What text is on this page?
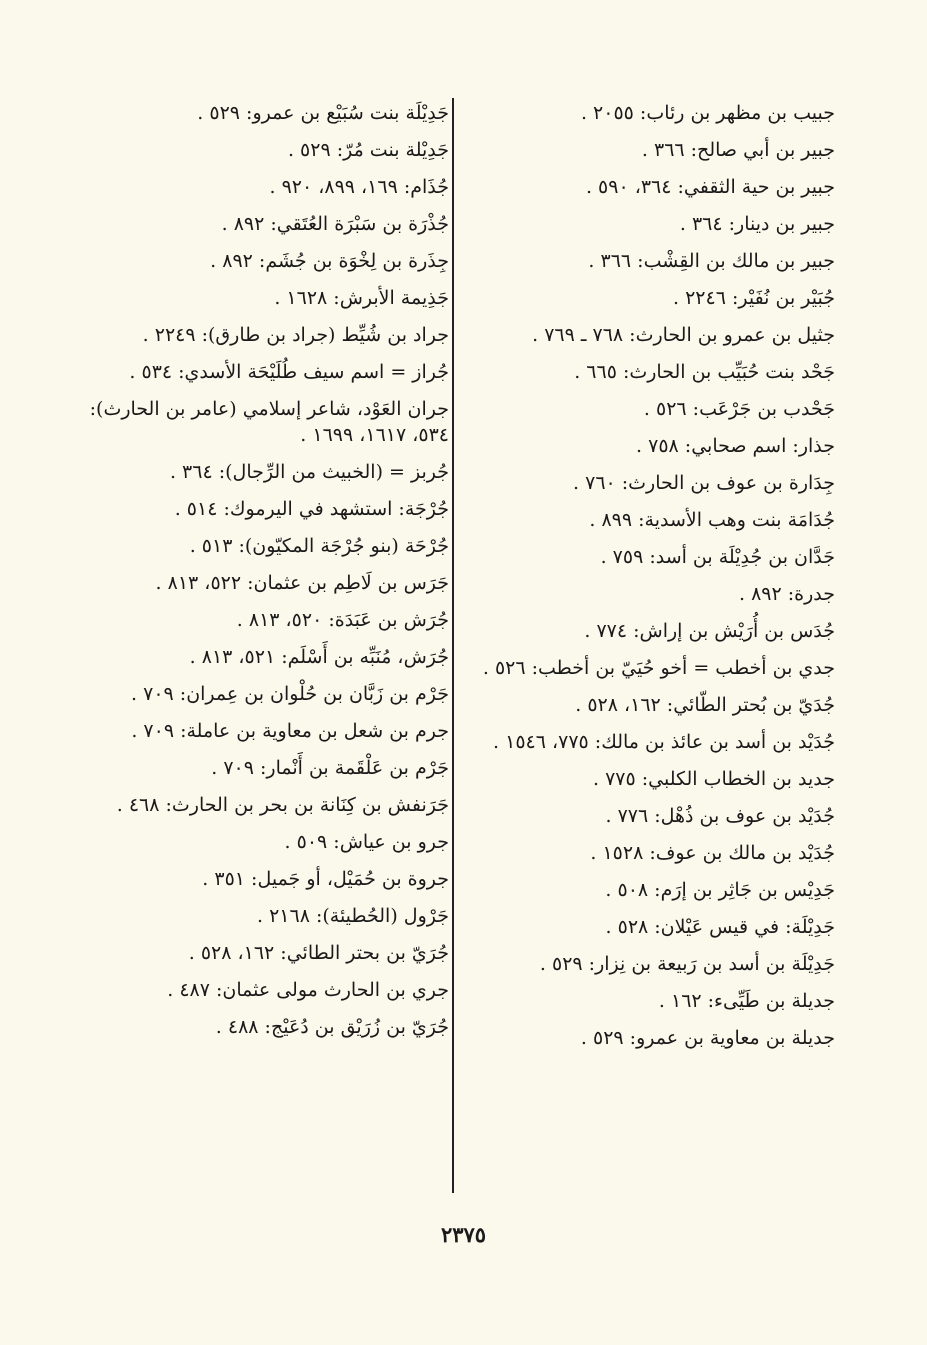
جبيب بن مظهر بن رئاب: ٢٠٥٥ .
جبير بن أبي صالح: ٣٦٦ .
جبير بن حية الثقفي: ٣٦٤، ٥٩٠ .
جبير بن دينار: ٣٦٤ .
جبير بن مالك بن القِشْب: ٣٦٦ .
جُبَيْر بن نُفَيْر: ٢٢٤٦ .
جثيل بن عمرو بن الحارث: ٧٦٨ ـ ٧٦٩ .
جَحْد بنت حُبَيِّب بن الحارث: ٦٦٥ .
جَحْدب بن جَرْعَب: ٥٢٦ .
جذار: اسم صحابي: ٧٥٨ .
جِدَارة بن عوف بن الحارث: ٧٦٠ .
جُدَامَة بنت وهب الأسدية: ٨٩٩ .
جَدَّان بن جُدِيْلَة بن أسد: ٧٥٩ .
جدرة: ٨٩٢ .
جُدَس بن أُرَيْش بن إراش: ٧٧٤ .
جدي بن أخطب = أخو حُيَيّ بن أخطب: ٥٢٦ .
جُدَيّ بن بُحتر الطّائي: ١٦٢، ٥٢٨ .
جُدَيْد بن أسد بن عائذ بن مالك: ٧٧٥، ١٥٤٦ .
جديد بن الخطاب الكلبي: ٧٧٥ .
جُدَيْد بن عوف بن ذُهْل: ٧٧٦ .
جُدَيْد بن مالك بن عوف: ١٥٢٨ .
جَدِيْس بن جَاثِر بن إرَم: ٥٠٨ .
جَدِيْلَة: في قيس عَيْلان: ٥٢٨ .
جَدِيْلَة بن أسد بن رَبيعة بن نِزار: ٥٢٩ .
جديلة بن طَيِّىء: ١٦٢ .
جديلة بن معاوية بن عمرو: ٥٢٩ .
جَدِيْلَة بنت سُبَيْع بن عمرو: ٥٢٩ .
جَدِيْلة بنت مُرّ: ٥٢٩ .
جُذَام: ١٦٩، ٨٩٩، ٩٢٠ .
جُذْرَة بن سَبْرَة العُتَقي: ٨٩٢ .
جِذَرة بن لِخْوَة بن جُشَم: ٨٩٢ .
جَذِيمة الأبرش: ١٦٢٨ .
جراد بن شُيِّط (جراد بن طارق): ٢٢٤٩ .
جُراز = اسم سيف طُلَيْحَة الأسدي: ٥٣٤ .
جران العَوْد، شاعر إسلامي (عامر بن الحارث): ٥٣٤، ١٦١٧، ١٦٩٩ .
جُربز = (الخبيث من الرِّجال): ٣٦٤ .
جُرْجَة: استشهد في اليرموك: ٥١٤ .
جُرْحَة (بنو جُرْجَة المكيّون): ٥١٣ .
جَرَس بن لَاطِم بن عثمان: ٥٢٢، ٨١٣ .
جُرَش بن عَبَدَة: ٥٢٠، ٨١٣ .
جُرَش، مُنَبِّه بن أَسْلَم: ٥٢١، ٨١٣ .
جَرْم بن زَبَّان بن حُلْوان بن عِمران: ٧٠٩ .
جرم بن شعل بن معاوية بن عاملة: ٧٠٩ .
جَرْم بن عَلْقَمة بن أَنْمار: ٧٠٩ .
جَرَنفش بن كِنَانة بن بحر بن الحارث: ٤٦٨ .
جرو بن عياش: ٥٠٩ .
جروة بن حُمَيْل، أو جَميل: ٣٥١ .
جَرْول (الحُطيئة): ٢١٦٨ .
جُرَيّ بن بحتر الطائي: ١٦٢، ٥٢٨ .
جري بن الحارث مولى عثمان: ٤٨٧ .
جُرَيّ بن زُرَيْق بن دُعَيْج: ٤٨٨ .
٢٣٧٥
